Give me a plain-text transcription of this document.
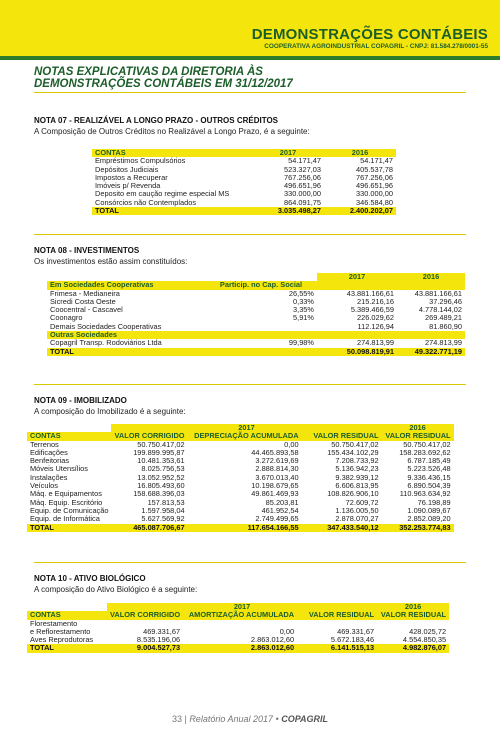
DEMONSTRAÇÕES CONTÁBEIS
COOPERATIVA AGROINDUSTRIAL COPAGRIL - CNPJ: 81.584.278/0001-55
NOTAS EXPLICATIVAS DA DIRETORIA ÀS
DEMONSTRAÇÕES CONTÁBEIS EM 31/12/2017
NOTA 07 - REALIZÁVEL A LONGO PRAZO - OUTROS CRÉDITOS
A Composição de Outros Créditos no Realizável a Longo Prazo, é a seguinte:
CONTAS	2017	2016
Empréstimos Compulsórios	54.171,47	54.171,47
Depósitos Judiciais	523.327,03	405.537,78
Impostos a Recuperar	767.256,06	767.256,06
Imóveis p/ Revenda	496.651,96	496.651,96
Deposito em caução regime especial MS	330.000,00	330.000,00
Consórcios não Contemplados	864.091,75	346.584,80
TOTAL	3.035.498,27	2.400.202,07
NOTA 08 - INVESTIMENTOS
Os investimentos estão assim constituídos:
		2017	2016
Em Sociedades Cooperativas	Particip. no Cap. Social		
Frimesa - Medianeira	26,55%	43.881.166,61	43.881.166,61
Sicredi Costa Oeste	0,33%	215.216,16	37.296,46
Coocentral - Cascavel	3,35%	5.389.466,59	4.778.144,02
Coonagro	5,91%	226.029,62	269.489,21
Demais Sociedades Cooperativas		112.126,94	81.860,90
Outras Sociedades			
Copagril Transp. Rodoviários Ltda	99,98%	274.813,99	274.813,99
TOTAL		50.098.819,91	49.322.771,19
NOTA 09 - IMOBILIZADO
A composição do Imobilizado é a seguinte:
	2017			2016
CONTAS	VALOR CORRIGIDO	DEPRECIAÇÃO ACUMULADA	VALOR RESIDUAL	VALOR RESIDUAL
Terrenos	50.750.417,02	0,00	50.750.417,02	50.750.417,02
Edificações	199.899.995,87	44.465.893,58	155.434.102,29	158.283.692,62
Benfeitorias	10.481.353,61	3.272.619,69	7.208.733,92	6.787.185,49
Móveis Utensílios	8.025.756,53	2.888.814,30	5.136.942,23	5.223.526,48
Instalações	13.052.952,52	3.670.013,40	9.382.939,12	9.336.436,15
Veículos	16.805.493,60	10.198.679,65	6.606.813,95	6.890.504,39
Máq. e Equipamentos	158.688.396,03	49.861.469,93	108.826.906,10	110.963.634,92
Máq. Equip. Escritório	157.813,53	85.203,81	72.609,72	76.198,89
Equip. de Comunicação	1.597.958,04	461.952,54	1.136.005,50	1.090.089,67
Equip. de Informática	5.627.569,92	2.749.499,65	2.878.070,27	2.852.089,20
TOTAL	465.087.706,67	117.654.166,55	347.433.540,12	352.253.774,83
NOTA 10 - ATIVO BIOLÓGICO
A composição do Ativo Biológico é a seguinte:
	2017			2016
CONTAS	VALOR CORRIGIDO	AMORTIZAÇÃO ACUMULADA	VALOR RESIDUAL	VALOR RESIDUAL
Florestamento				
e Reflorestamento	469.331,67	0,00	469.331,67	428.025,72
Aves Reprodutoras	8.535.196,06	2.863.012,60	5.672.183,46	4.554.850,35
TOTAL	9.004.527,73	2.863.012,60	6.141.515,13	4.982.876,07
33 | Relatório Anual 2017 • COPAGRIL
